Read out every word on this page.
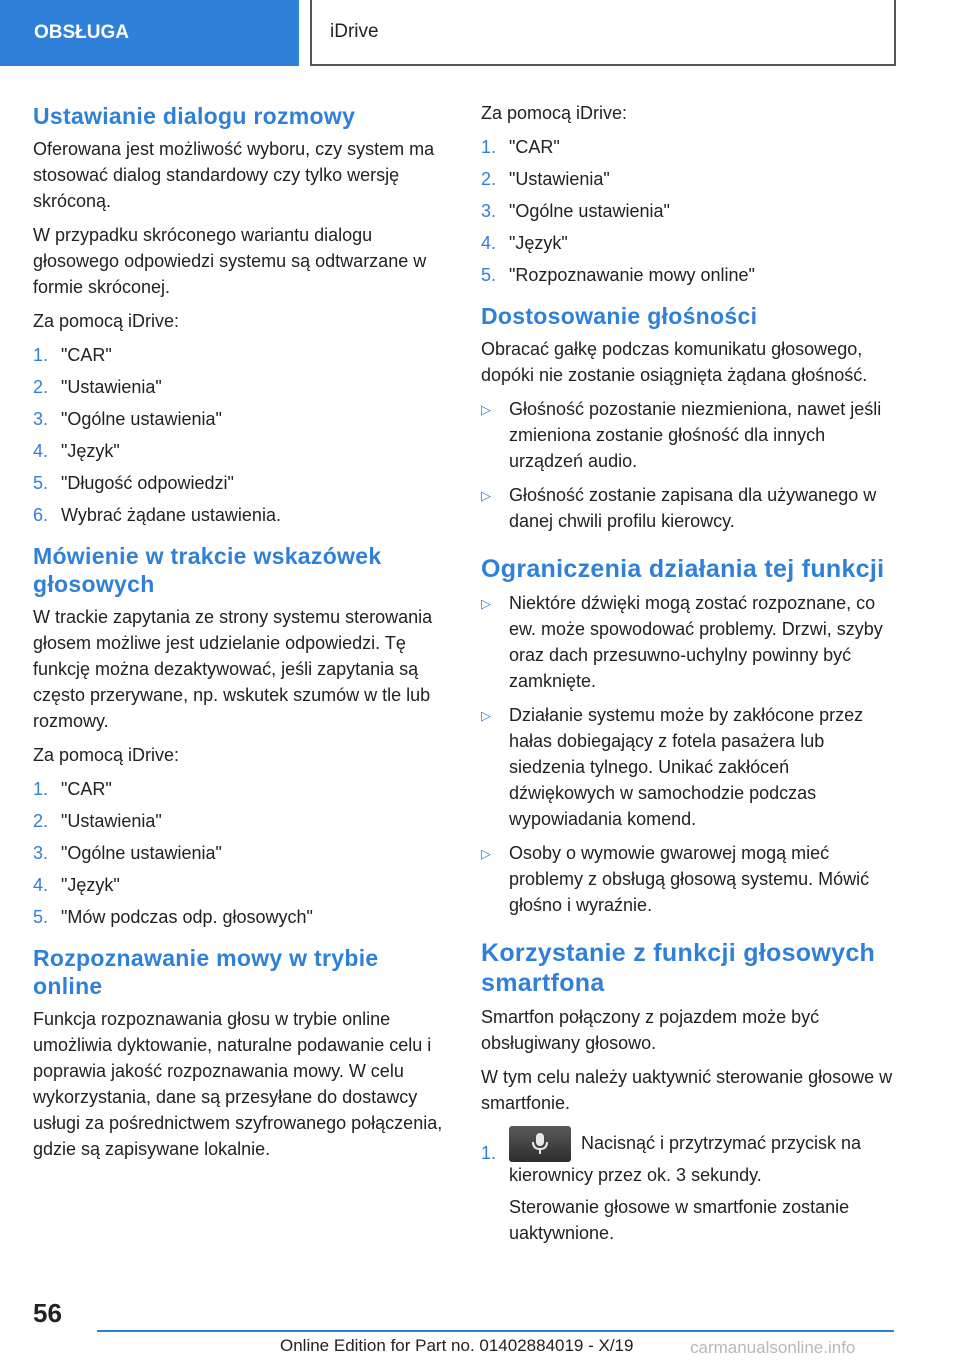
OBSŁUGA	iDrive
Ustawianie dialogu rozmowy

Oferowana jest możliwość wyboru, czy system ma stosować dialog standardowy czy tylko wersję skróconą.

W przypadku skróconego wariantu dialogu głosowego odpowiedzi systemu są odtwarzane w formie skróconej.

Za pomocą iDrive:

1. "CAR"
2. "Ustawienia"
3. "Ogólne ustawienia"
4. "Język"
5. "Długość odpowiedzi"
6. Wybrać żądane ustawienia.
Mówienie w trakcie wskazówek głosowych

W trackie zapytania ze strony systemu sterowania głosem możliwe jest udzielanie odpowiedzi. Tę funkcję można dezaktywować, jeśli zapytania są często przerywane, np. wskutek szumów w tle lub rozmowy.

Za pomocą iDrive:

1. "CAR"
2. "Ustawienia"
3. "Ogólne ustawienia"
4. "Język"
5. "Mów podczas odp. głosowych"
Rozpoznawanie mowy w trybie online

Funkcja rozpoznawania głosu w trybie online umożliwia dyktowanie, naturalne podawanie celu i poprawia jakość rozpoznawania mowy. W celu wykorzystania, dane są przesyłane do dostawcy usługi za pośrednictwem szyfrowanego połączenia, gdzie są zapisywane lokalnie.

Za pomocą iDrive:

1. "CAR"
2. "Ustawienia"
3. "Ogólne ustawienia"
4. "Język"
5. "Rozpoznawanie mowy online"
Dostosowanie głośności

Obracać gałkę podczas komunikatu głosowego, dopóki nie zostanie osiągnięta żądana głośność.

▷	Głośność pozostanie niezmieniona, nawet jeśli zmieniona zostanie głośność dla innych urządzeń audio.
▷	Głośność zostanie zapisana dla używanego w danej chwili profilu kierowcy.
Ograniczenia działania tej funkcji
▷	Niektóre dźwięki mogą zostać rozpoznane, co ew. może spowodować problemy. Drzwi, szyby oraz dach przesuwno-uchylny powinny być zamknięte.
▷	Działanie systemu może by zakłócone przez hałas dobiegający z fotela pasażera lub siedzenia tylnego. Unikać zakłóceń dźwiękowych w samochodzie podczas wypowiadania komend.
▷	Osoby o wymowie gwarowej mogą mieć problemy z obsługą głosową systemu. Mówić głośno i wyraźnie.
Korzystanie z funkcji głosowych smartfona

Smartfon połączony z pojazdem może być obsługiwany głosowo.

W tym celu należy uaktywnić sterowanie głosowe w smartfonie.

1.
Nacisnąć i przytrzymać przycisk na kierownicy przez ok. 3 sekundy.

Sterowanie głosowe w smartfonie zostanie uaktywnione.

56
Online Edition for Part no. 01402884019 - X/19	carmanualsonline.info
